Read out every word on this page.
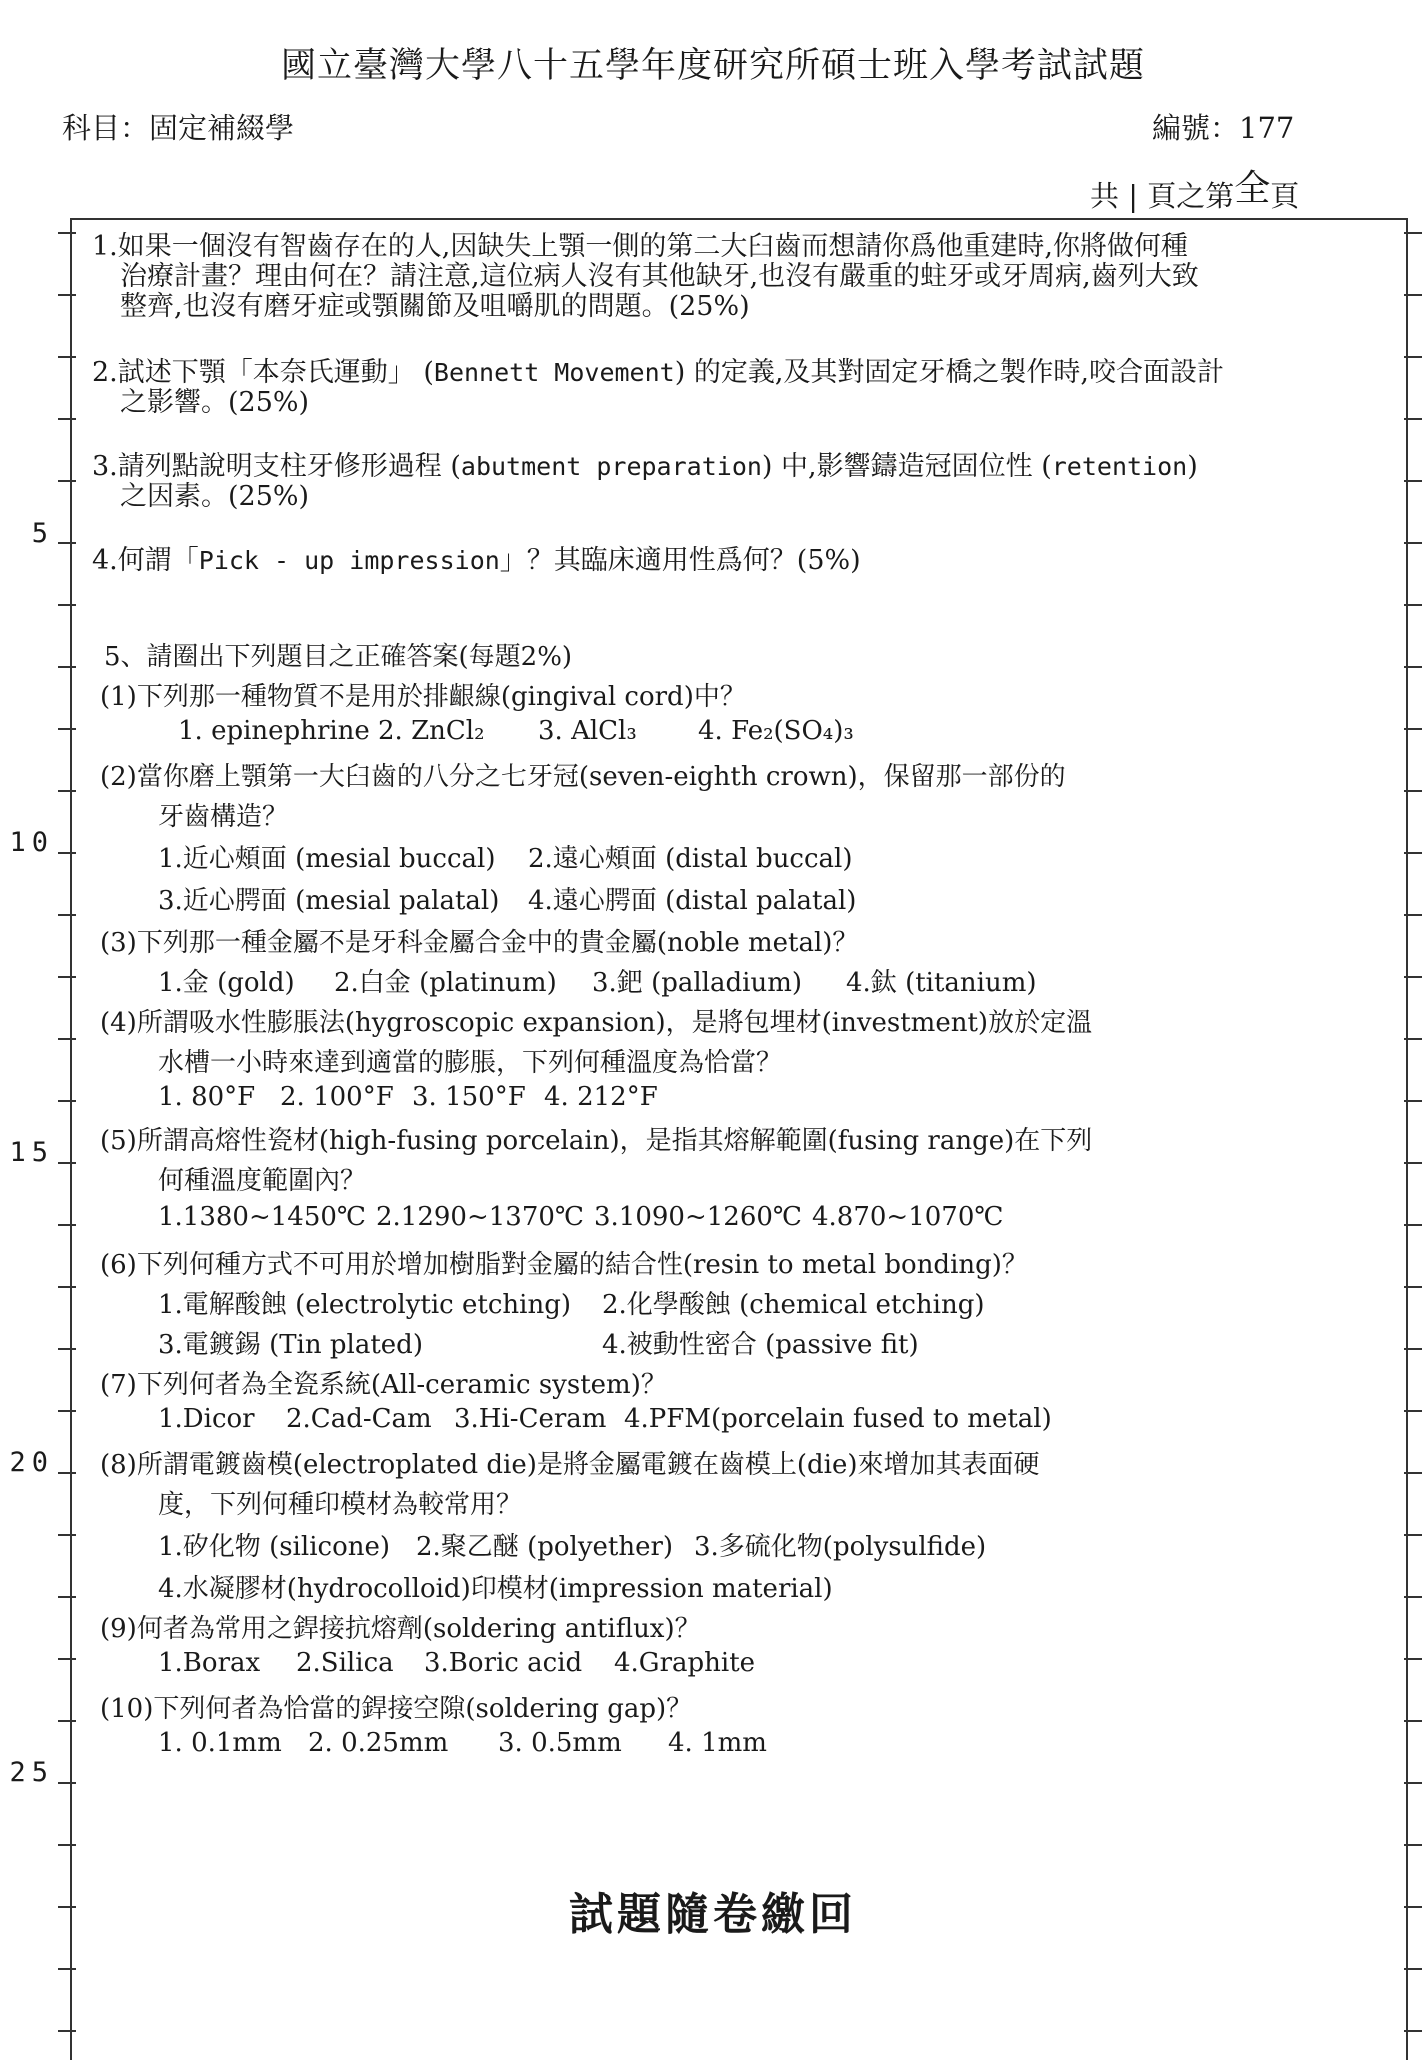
國立臺灣大學八十五學年度研究所碩士班入學考試試題
科目：固定補綴學	編號：177
共 | 頁之第全頁
5
10
15
20
25
1.如果一個沒有智齒存在的人,因缺失上顎一側的第二大臼齒而想請你爲他重建時,你將做何種
治療計畫？理由何在？請注意,這位病人沒有其他缺牙,也沒有嚴重的蛀牙或牙周病,齒列大致
整齊,也沒有磨牙症或顎關節及咀嚼肌的問題。(25%)
2.試述下顎「本奈氏運動」 (Bennett Movement) 的定義,及其對固定牙橋之製作時,咬合面設計
之影響。(25%)
3.請列點說明支柱牙修形過程 (abutment preparation) 中,影響鑄造冠固位性 (retention)
之因素。(25%)
4.何謂「Pick - up impression」？其臨床適用性爲何？(5%)
5、請圈出下列題目之正確答案(每題2%)
(1)下列那一種物質不是用於排齦線(gingival cord)中？
1. epinephrine 2. ZnCl₂ 3. AlCl₃ 4. Fe₂(SO₄)₃
(2)當你磨上顎第一大臼齒的八分之七牙冠(seven-eighth crown)，保留那一部份的
牙齒構造？
1.近心頰面 (mesial buccal) 2.遠心頰面 (distal buccal)
3.近心腭面 (mesial palatal) 4.遠心腭面 (distal palatal)
(3)下列那一種金屬不是牙科金屬合金中的貴金屬(noble metal)？
1.金 (gold) 2.白金 (platinum) 3.鈀 (palladium) 4.鈦 (titanium)
(4)所謂吸水性膨脹法(hygroscopic expansion)，是將包埋材(investment)放於定溫
水槽一小時來達到適當的膨脹，下列何種溫度為恰當？
1. 80°F 2. 100°F 3. 150°F 4. 212°F
(5)所謂高熔性瓷材(high-fusing porcelain)，是指其熔解範圍(fusing range)在下列
何種溫度範圍內？
1.1380~1450℃ 2.1290~1370℃ 3.1090~1260℃ 4.870~1070℃
(6)下列何種方式不可用於增加樹脂對金屬的結合性(resin to metal bonding)？
1.電解酸蝕 (electrolytic etching) 2.化學酸蝕 (chemical etching)
3.電鍍錫 (Tin plated)	4.被動性密合 (passive fit)
(7)下列何者為全瓷系統(All-ceramic system)？
1.Dicor 2.Cad-Cam 3.Hi-Ceram 4.PFM(porcelain fused to metal)
(8)所謂電鍍齒模(electroplated die)是將金屬電鍍在齒模上(die)來增加其表面硬
度，下列何種印模材為較常用？
1.矽化物 (silicone) 2.聚乙醚 (polyether) 3.多硫化物(polysulfide)
4.水凝膠材(hydrocolloid)印模材(impression material)
(9)何者為常用之銲接抗熔劑(soldering antiflux)？
1.Borax 2.Silica 3.Boric acid 4.Graphite
(10)下列何者為恰當的銲接空隙(soldering gap)？
1. 0.1mm 2. 0.25mm 3. 0.5mm 4. 1mm
試題隨卷繳回
